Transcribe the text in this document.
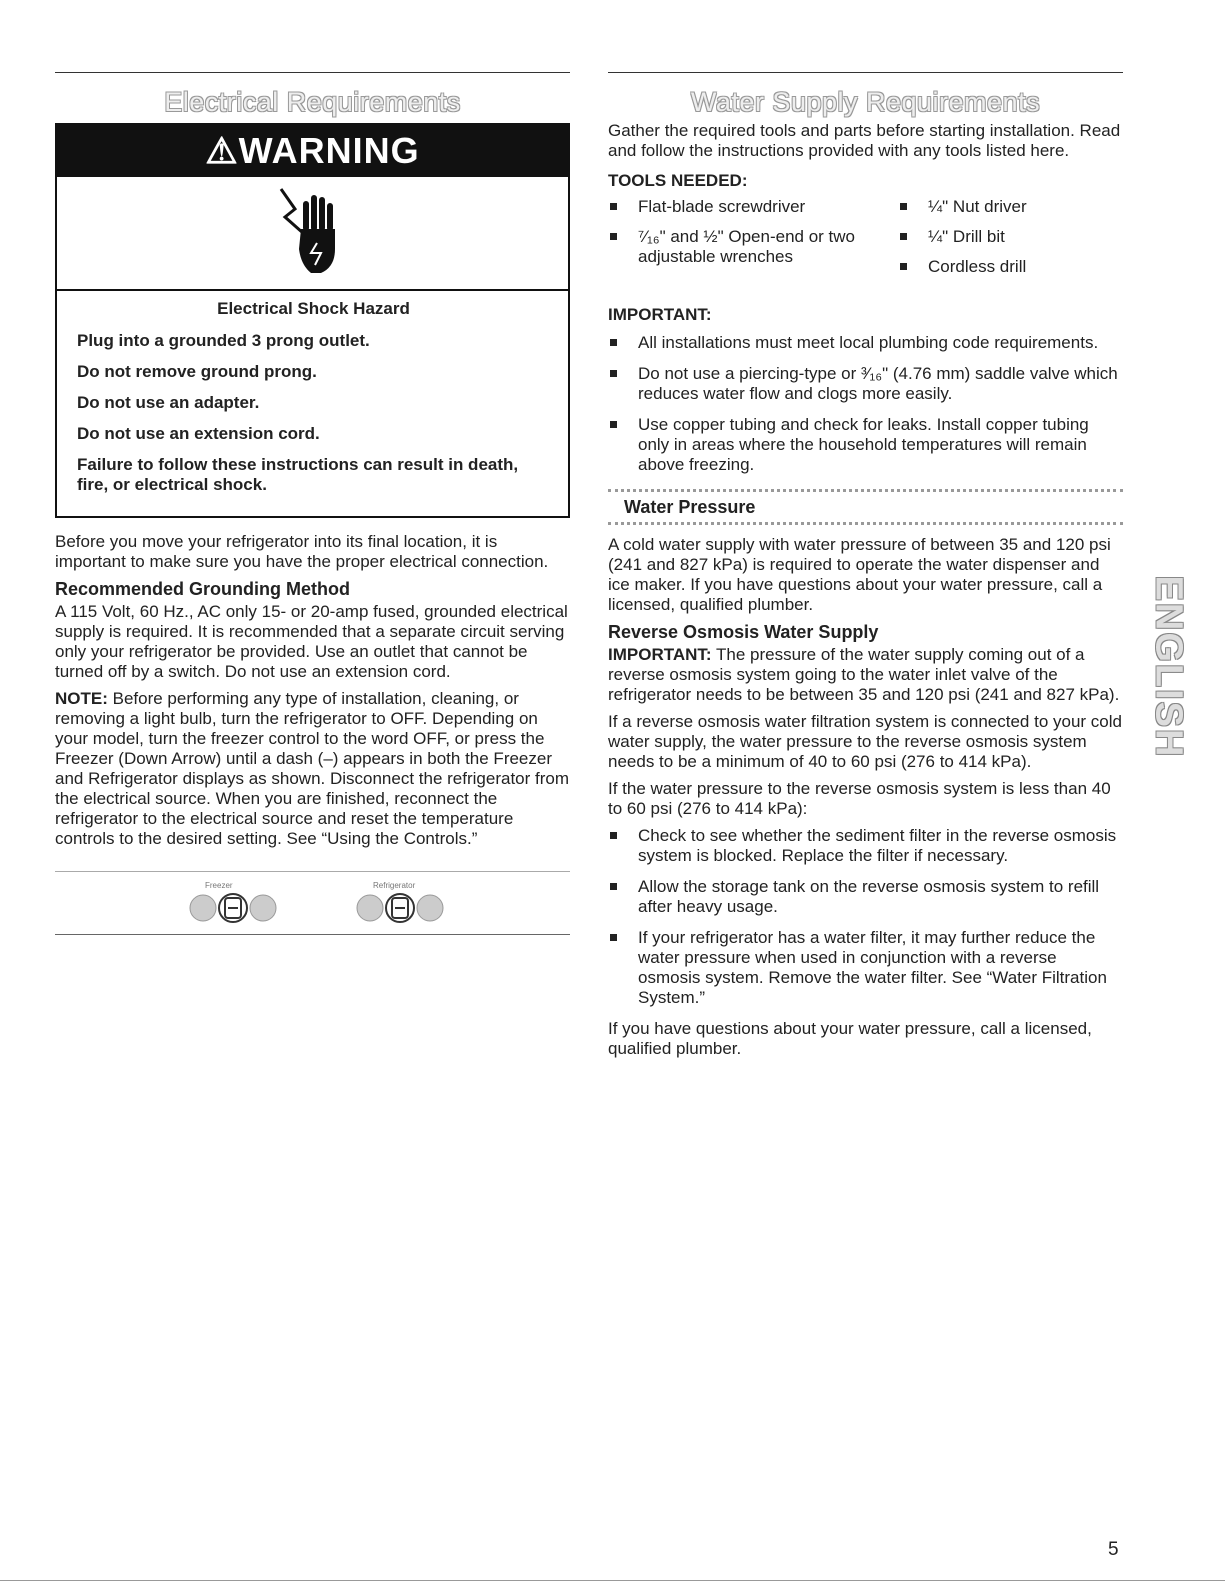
Electrical Requirements
⚠WARNING

Electrical Shock Hazard

Plug into a grounded 3 prong outlet.

Do not remove ground prong.

Do not use an adapter.

Do not use an extension cord.

Failure to follow these instructions can result in death, fire, or electrical shock.

Before you move your refrigerator into its final location, it is important to make sure you have the proper electrical connection.

Recommended Grounding Method

A 115 Volt, 60 Hz., AC only 15- or 20-amp fused, grounded electrical supply is required. It is recommended that a separate circuit serving only your refrigerator be provided. Use an outlet that cannot be turned off by a switch. Do not use an extension cord.

NOTE: Before performing any type of installation, cleaning, or removing a light bulb, turn the refrigerator to OFF. Depending on your model, turn the freezer control to the word OFF, or press the Freezer (Down Arrow) until a dash (–) appears in both the Freezer and Refrigerator displays as shown. Disconnect the refrigerator from the electrical source. When you are finished, reconnect the refrigerator to the electrical source and reset the temperature controls to the desired setting. See “Using the Controls.”

Freezer	Refrigerator
Water Supply Requirements

Gather the required tools and parts before starting installation. Read and follow the instructions provided with any tools listed here.

TOOLS NEEDED:
Flat-blade screwdriver
⁷⁄₁₆" and ½" Open-end or two adjustable wrenches
¼" Nut driver
¼" Drill bit
Cordless drill
IMPORTANT:
All installations must meet local plumbing code requirements.
Do not use a piercing-type or ³⁄₁₆" (4.76 mm) saddle valve which reduces water flow and clogs more easily.
Use copper tubing and check for leaks. Install copper tubing only in areas where the household temperatures will remain above freezing.
Water Pressure

A cold water supply with water pressure of between 35 and 120 psi (241 and 827 kPa) is required to operate the water dispenser and ice maker. If you have questions about your water pressure, call a licensed, qualified plumber.

Reverse Osmosis Water Supply

IMPORTANT: The pressure of the water supply coming out of a reverse osmosis system going to the water inlet valve of the refrigerator needs to be between 35 and 120 psi (241 and 827 kPa).

If a reverse osmosis water filtration system is connected to your cold water supply, the water pressure to the reverse osmosis system needs to be a minimum of 40 to 60 psi (276 to 414 kPa).

If the water pressure to the reverse osmosis system is less than 40 to 60 psi (276 to 414 kPa):

Check to see whether the sediment filter in the reverse osmosis system is blocked. Replace the filter if necessary.
Allow the storage tank on the reverse osmosis system to refill after heavy usage.
If your refrigerator has a water filter, it may further reduce the water pressure when used in conjunction with a reverse osmosis system. Remove the water filter. See “Water Filtration System.”

If you have questions about your water pressure, call a licensed, qualified plumber.

ENGLISH
5
